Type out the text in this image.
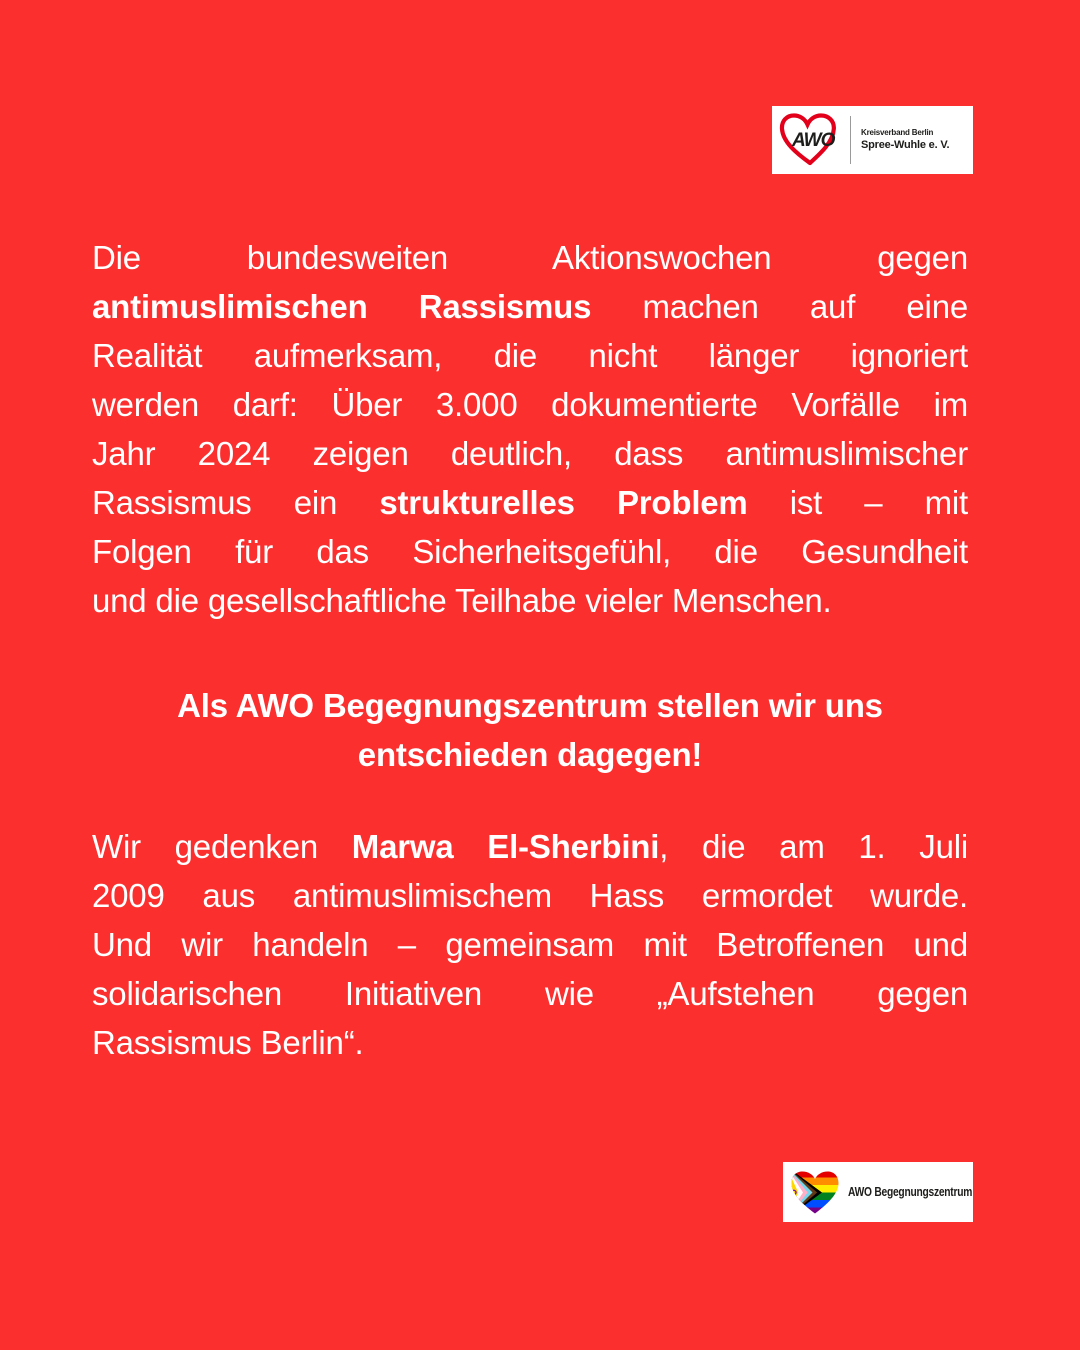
AWO	Kreisverband Berlin
Spree-Wuhle e. V.
Die bundesweiten Aktionswochen gegen
antimuslimischen Rassismus machen auf eine
Realität aufmerksam, die nicht länger ignoriert
werden darf: Über 3.000 dokumentierte Vorfälle im
Jahr 2024 zeigen deutlich, dass antimuslimischer
Rassismus ein strukturelles Problem ist – mit
Folgen für das Sicherheitsgefühl, die Gesundheit
und die gesellschaftliche Teilhabe vieler Menschen.
Als AWO Begegnungszentrum stellen wir uns
entschieden dagegen!
Wir gedenken Marwa El-Sherbini, die am 1. Juli
2009 aus antimuslimischem Hass ermordet wurde.
Und wir handeln – gemeinsam mit Betroffenen und
solidarischen Initiativen wie „Aufstehen gegen
Rassismus Berlin“.
AWO Begegnungszentrum
